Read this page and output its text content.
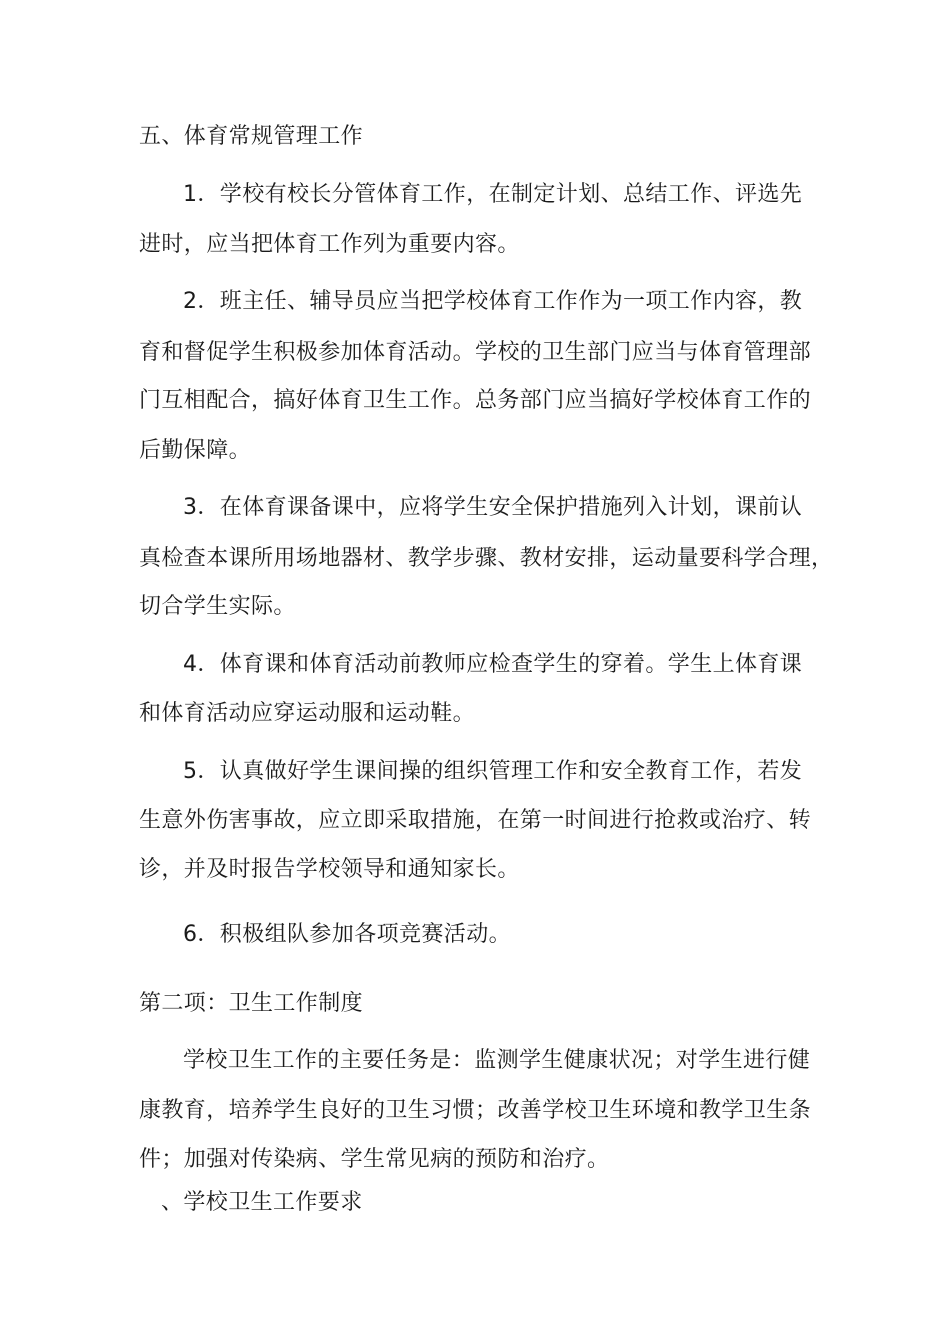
五、体育常规管理工作
1．学校有校长分管体育工作，在制定计划、总结工作、评选先
进时，应当把体育工作列为重要内容。
2．班主任、辅导员应当把学校体育工作作为一项工作内容，教
育和督促学生积极参加体育活动。学校的卫生部门应当与体育管理部
门互相配合，搞好体育卫生工作。总务部门应当搞好学校体育工作的
后勤保障。
3．在体育课备课中，应将学生安全保护措施列入计划，课前认
真检查本课所用场地器材、教学步骤、教材安排，运动量要科学合理，
切合学生实际。
4．体育课和体育活动前教师应检查学生的穿着。学生上体育课
和体育活动应穿运动服和运动鞋。
5．认真做好学生课间操的组织管理工作和安全教育工作，若发
生意外伤害事故，应立即采取措施，在第一时间进行抢救或治疗、转
诊，并及时报告学校领导和通知家长。
6．积极组队参加各项竞赛活动。
第二项：卫生工作制度
学校卫生工作的主要任务是：监测学生健康状况；对学生进行健
康教育，培养学生良好的卫生习惯；改善学校卫生环境和教学卫生条
件；加强对传染病、学生常见病的预防和治疗。
、学校卫生工作要求
